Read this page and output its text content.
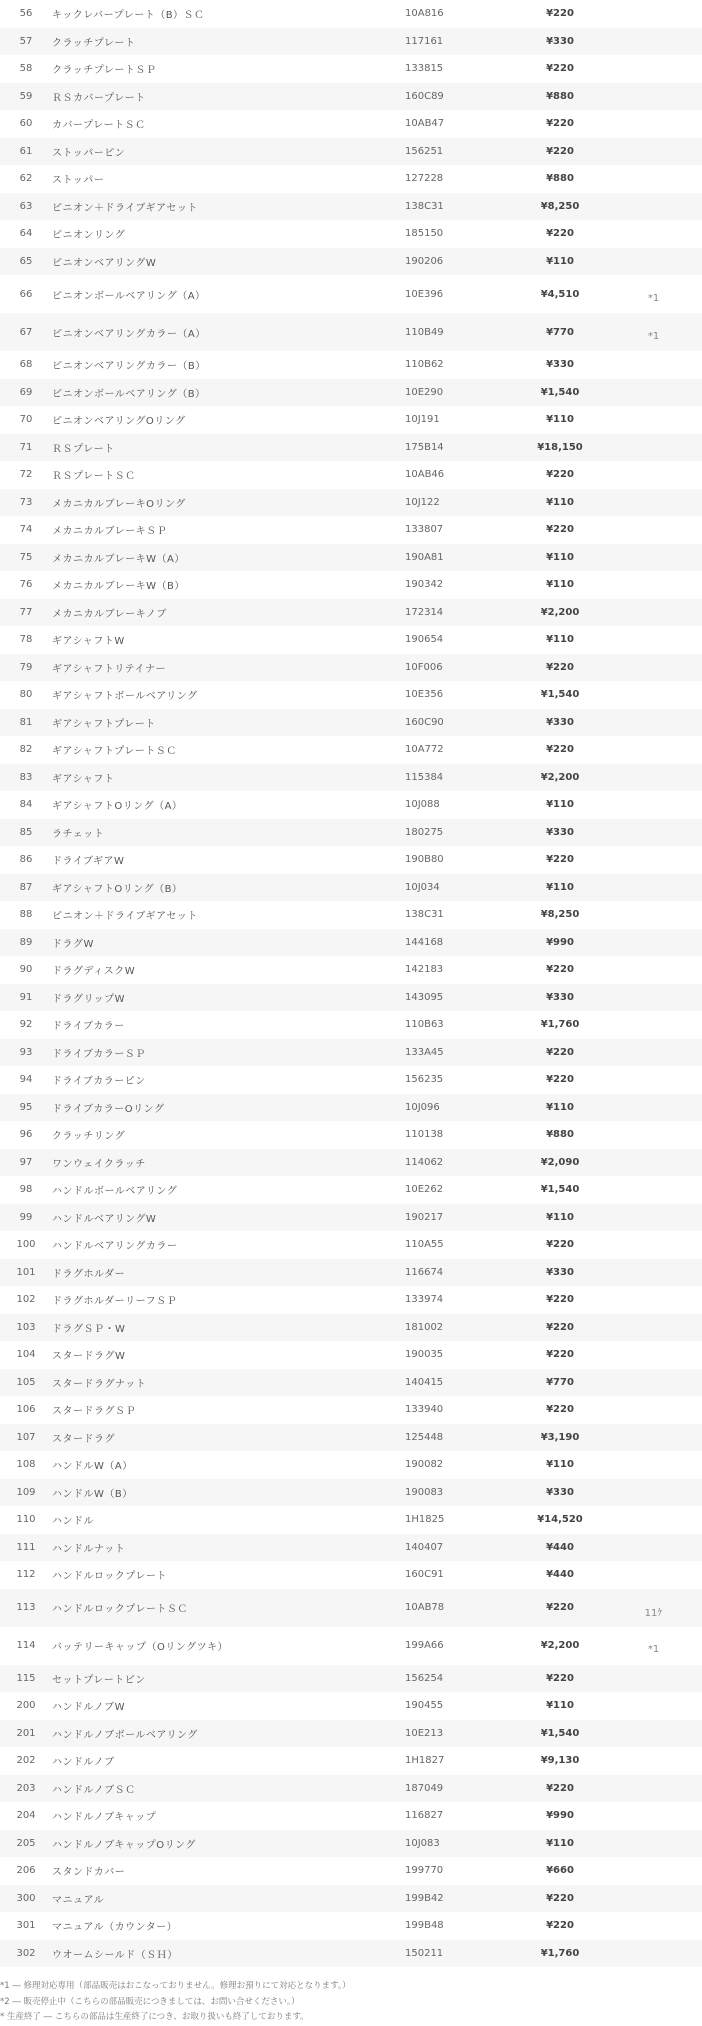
56	キックレバープレート（B）ＳＣ	10A816	¥220	
57	クラッチプレート	117161	¥330	
58	クラッチプレートＳＰ	133815	¥220	
59	ＲＳカバープレート	160C89	¥880	
60	カバープレートＳＣ	10AB47	¥220	
61	ストッパーピン	156251	¥220	
62	ストッパー	127228	¥880	
63	ピニオン＋ドライブギアセット	138C31	¥8,250	
64	ピニオンリング	185150	¥220	
65	ピニオンベアリングW	190206	¥110	
66	ピニオンボールベアリング（A）	10E396	¥4,510	*1
67	ピニオンベアリングカラー（A）	110B49	¥770	*1
68	ピニオンベアリングカラー（B）	110B62	¥330	
69	ピニオンボールベアリング（B）	10E290	¥1,540	
70	ピニオンベアリングOリング	10J191	¥110	
71	ＲＳプレート	175B14	¥18,150	
72	ＲＳプレートＳＣ	10AB46	¥220	
73	メカニカルブレーキOリング	10J122	¥110	
74	メカニカルブレーキＳＰ	133807	¥220	
75	メカニカルブレーキW（A）	190A81	¥110	
76	メカニカルブレーキW（B）	190342	¥110	
77	メカニカルブレーキノブ	172314	¥2,200	
78	ギアシャフトW	190654	¥110	
79	ギアシャフトリテイナー	10F006	¥220	
80	ギアシャフトボールベアリング	10E356	¥1,540	
81	ギアシャフトプレート	160C90	¥330	
82	ギアシャフトプレートＳＣ	10A772	¥220	
83	ギアシャフト	115384	¥2,200	
84	ギアシャフトOリング（A）	10J088	¥110	
85	ラチェット	180275	¥330	
86	ドライブギアW	190B80	¥220	
87	ギアシャフトOリング（B）	10J034	¥110	
88	ピニオン＋ドライブギアセット	138C31	¥8,250	
89	ドラグW	144168	¥990	
90	ドラグディスクW	142183	¥220	
91	ドラグリップW	143095	¥330	
92	ドライブカラー	110B63	¥1,760	
93	ドライブカラーＳＰ	133A45	¥220	
94	ドライブカラーピン	156235	¥220	
95	ドライブカラーOリング	10J096	¥110	
96	クラッチリング	110138	¥880	
97	ワンウェイクラッチ	114062	¥2,090	
98	ハンドルボールベアリング	10E262	¥1,540	
99	ハンドルベアリングW	190217	¥110	
100	ハンドルベアリングカラー	110A55	¥220	
101	ドラグホルダー	116674	¥330	
102	ドラグホルダーリーフＳＰ	133974	¥220	
103	ドラグＳＰ・W	181002	¥220	
104	スタードラグW	190035	¥220	
105	スタードラグナット	140415	¥770	
106	スタードラグＳＰ	133940	¥220	
107	スタードラグ	125448	¥3,190	
108	ハンドルW（A）	190082	¥110	
109	ハンドルW（B）	190083	¥330	
110	ハンドル	1H1825	¥14,520	
111	ハンドルナット	140407	¥440	
112	ハンドルロックプレート	160C91	¥440	
113	ハンドルロックプレートＳＣ	10AB78	¥220	11ｹ
114	バッテリーキャップ（Oリングツキ）	199A66	¥2,200	*1
115	セットプレートピン	156254	¥220	
200	ハンドルノブW	190455	¥110	
201	ハンドルノブボールベアリング	10E213	¥1,540	
202	ハンドルノブ	1H1827	¥9,130	
203	ハンドルノブＳＣ	187049	¥220	
204	ハンドルノブキャップ	116827	¥990	
205	ハンドルノブキャップOリング	10J083	¥110	
206	スタンドカバー	199770	¥660	
300	マニュアル	199B42	¥220	
301	マニュアル（カウンター）	199B48	¥220	
302	ウオームシールド（ＳＨ）	150211	¥1,760	
*1 ― 修理対応専用（部品販売はおこなっておりません。修理お預りにて対応となります。）
*2 ― 販売停止中（こちらの部品販売につきましては、お問い合せください。）
* 生産終了 ― こちらの部品は生産終了につき、お取り扱いも終了しております。
